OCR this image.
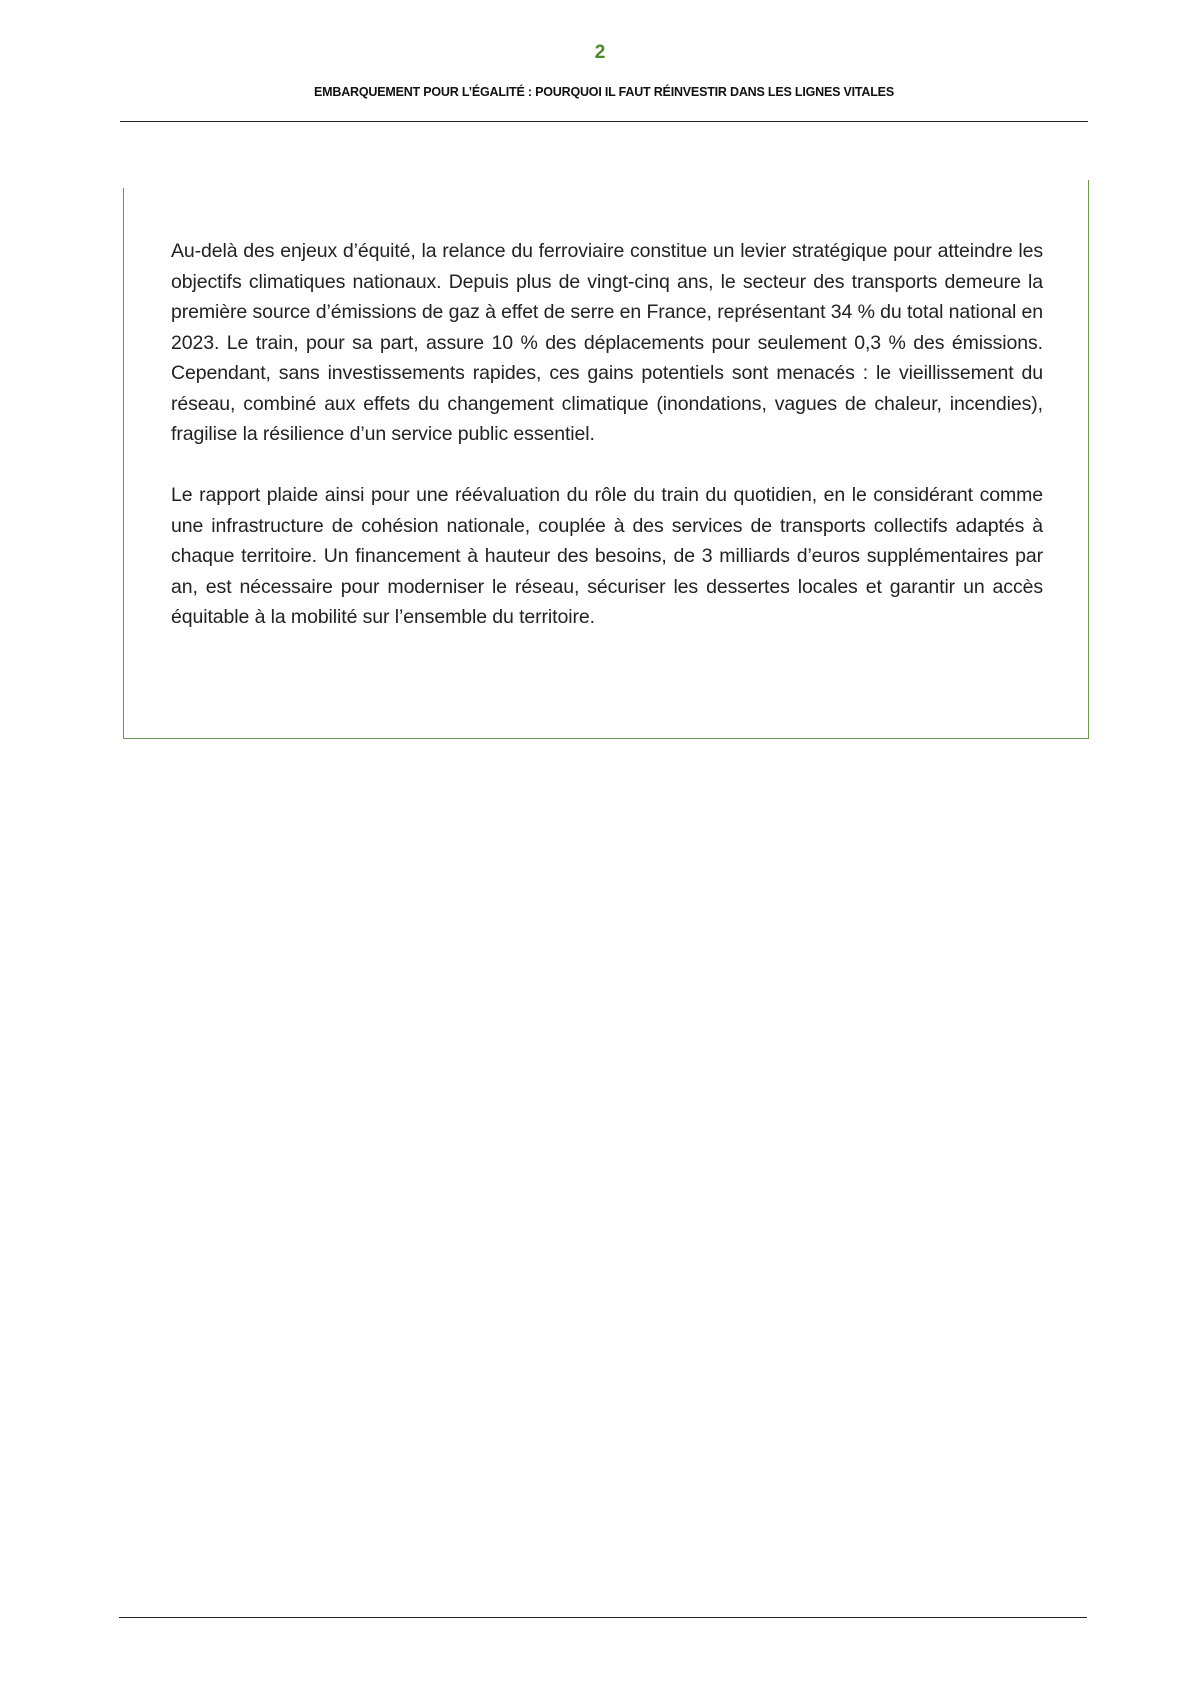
2
EMBARQUEMENT POUR L’ÉGALITÉ : POURQUOI IL FAUT RÉINVESTIR DANS LES LIGNES VITALES

Au-delà des enjeux d’équité, la relance du ferroviaire constitue un levier stratégique pour atteindre les objectifs climatiques nationaux. Depuis plus de vingt-cinq ans, le secteur des transports demeure la première source d’émissions de gaz à effet de serre en France, représentant 34 % du total national en 2023. Le train, pour sa part, assure 10 % des déplacements pour seulement 0,3 % des émissions. Cependant, sans investissements rapides, ces gains potentiels sont menacés : le vieillissement du réseau, combiné aux effets du changement climatique (inondations, vagues de chaleur, incendies), fragilise la résilience d’un service public essentiel.

Le rapport plaide ainsi pour une réévaluation du rôle du train du quotidien, en le considérant comme une infrastructure de cohésion nationale, couplée à des services de transports collectifs adaptés à chaque territoire. Un financement à hauteur des besoins, de 3 milliards d’euros supplémentaires par an, est nécessaire pour moderniser le réseau, sécuriser les dessertes locales et garantir un accès équitable à la mobilité sur l’ensemble du territoire.
